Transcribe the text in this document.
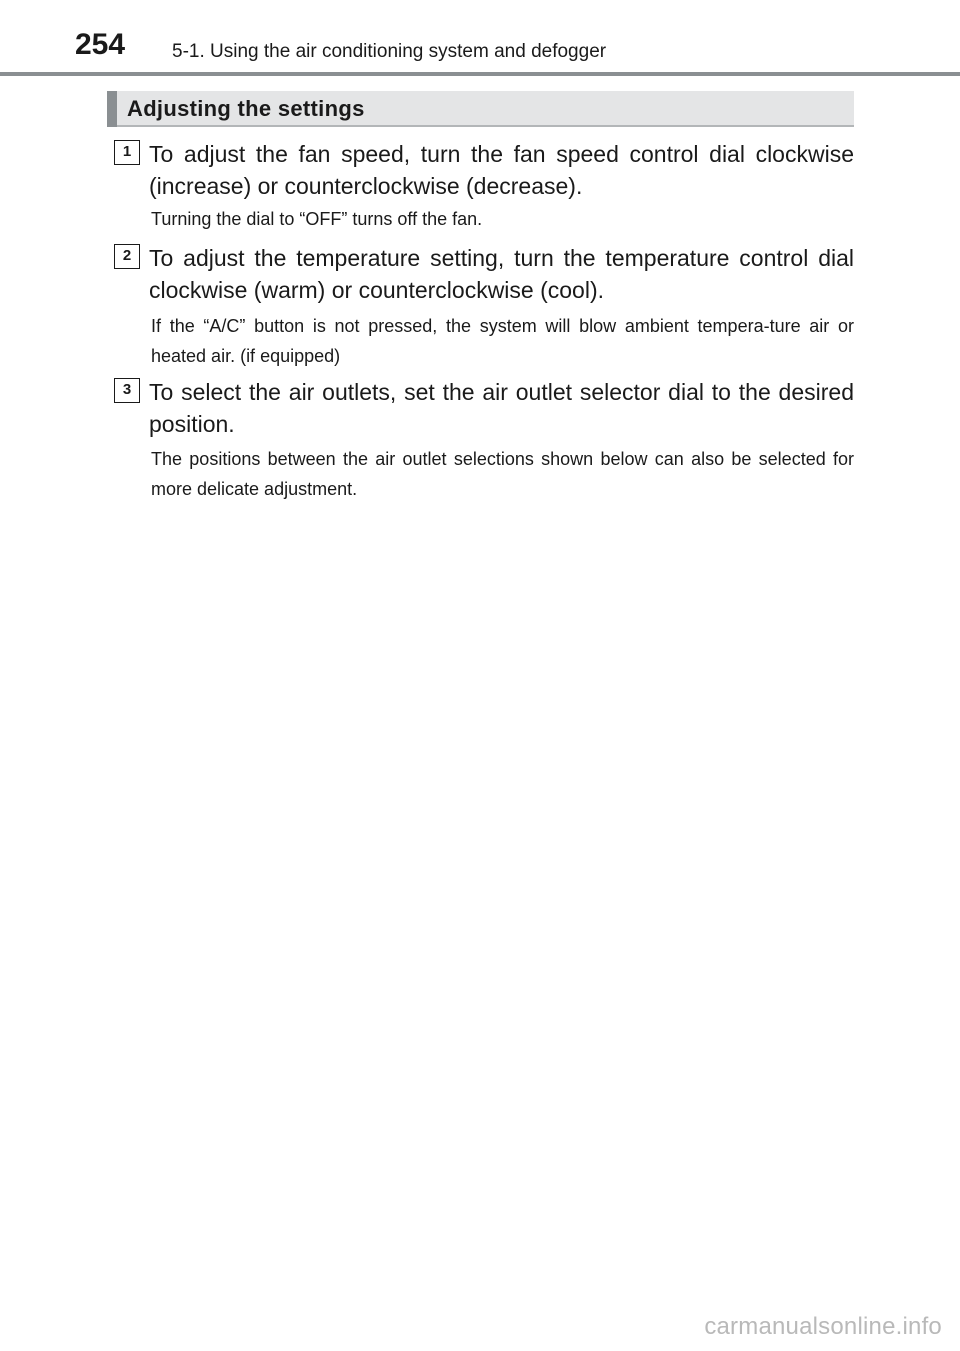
254 5-1. Using the air conditioning system and defogger
Adjusting the settings
1 To adjust the fan speed, turn the fan speed control dial clockwise (increase) or counterclockwise (decrease).
Turning the dial to “OFF” turns off the fan.
2 To adjust the temperature setting, turn the temperature control dial clockwise (warm) or counterclockwise (cool).
If the “A/C” button is not pressed, the system will blow ambient tempera-ture air or heated air. (if equipped)
3 To select the air outlets, set the air outlet selector dial to the desired position.
The positions between the air outlet selections shown below can also be selected for more delicate adjustment.
carmanualsonline.info
